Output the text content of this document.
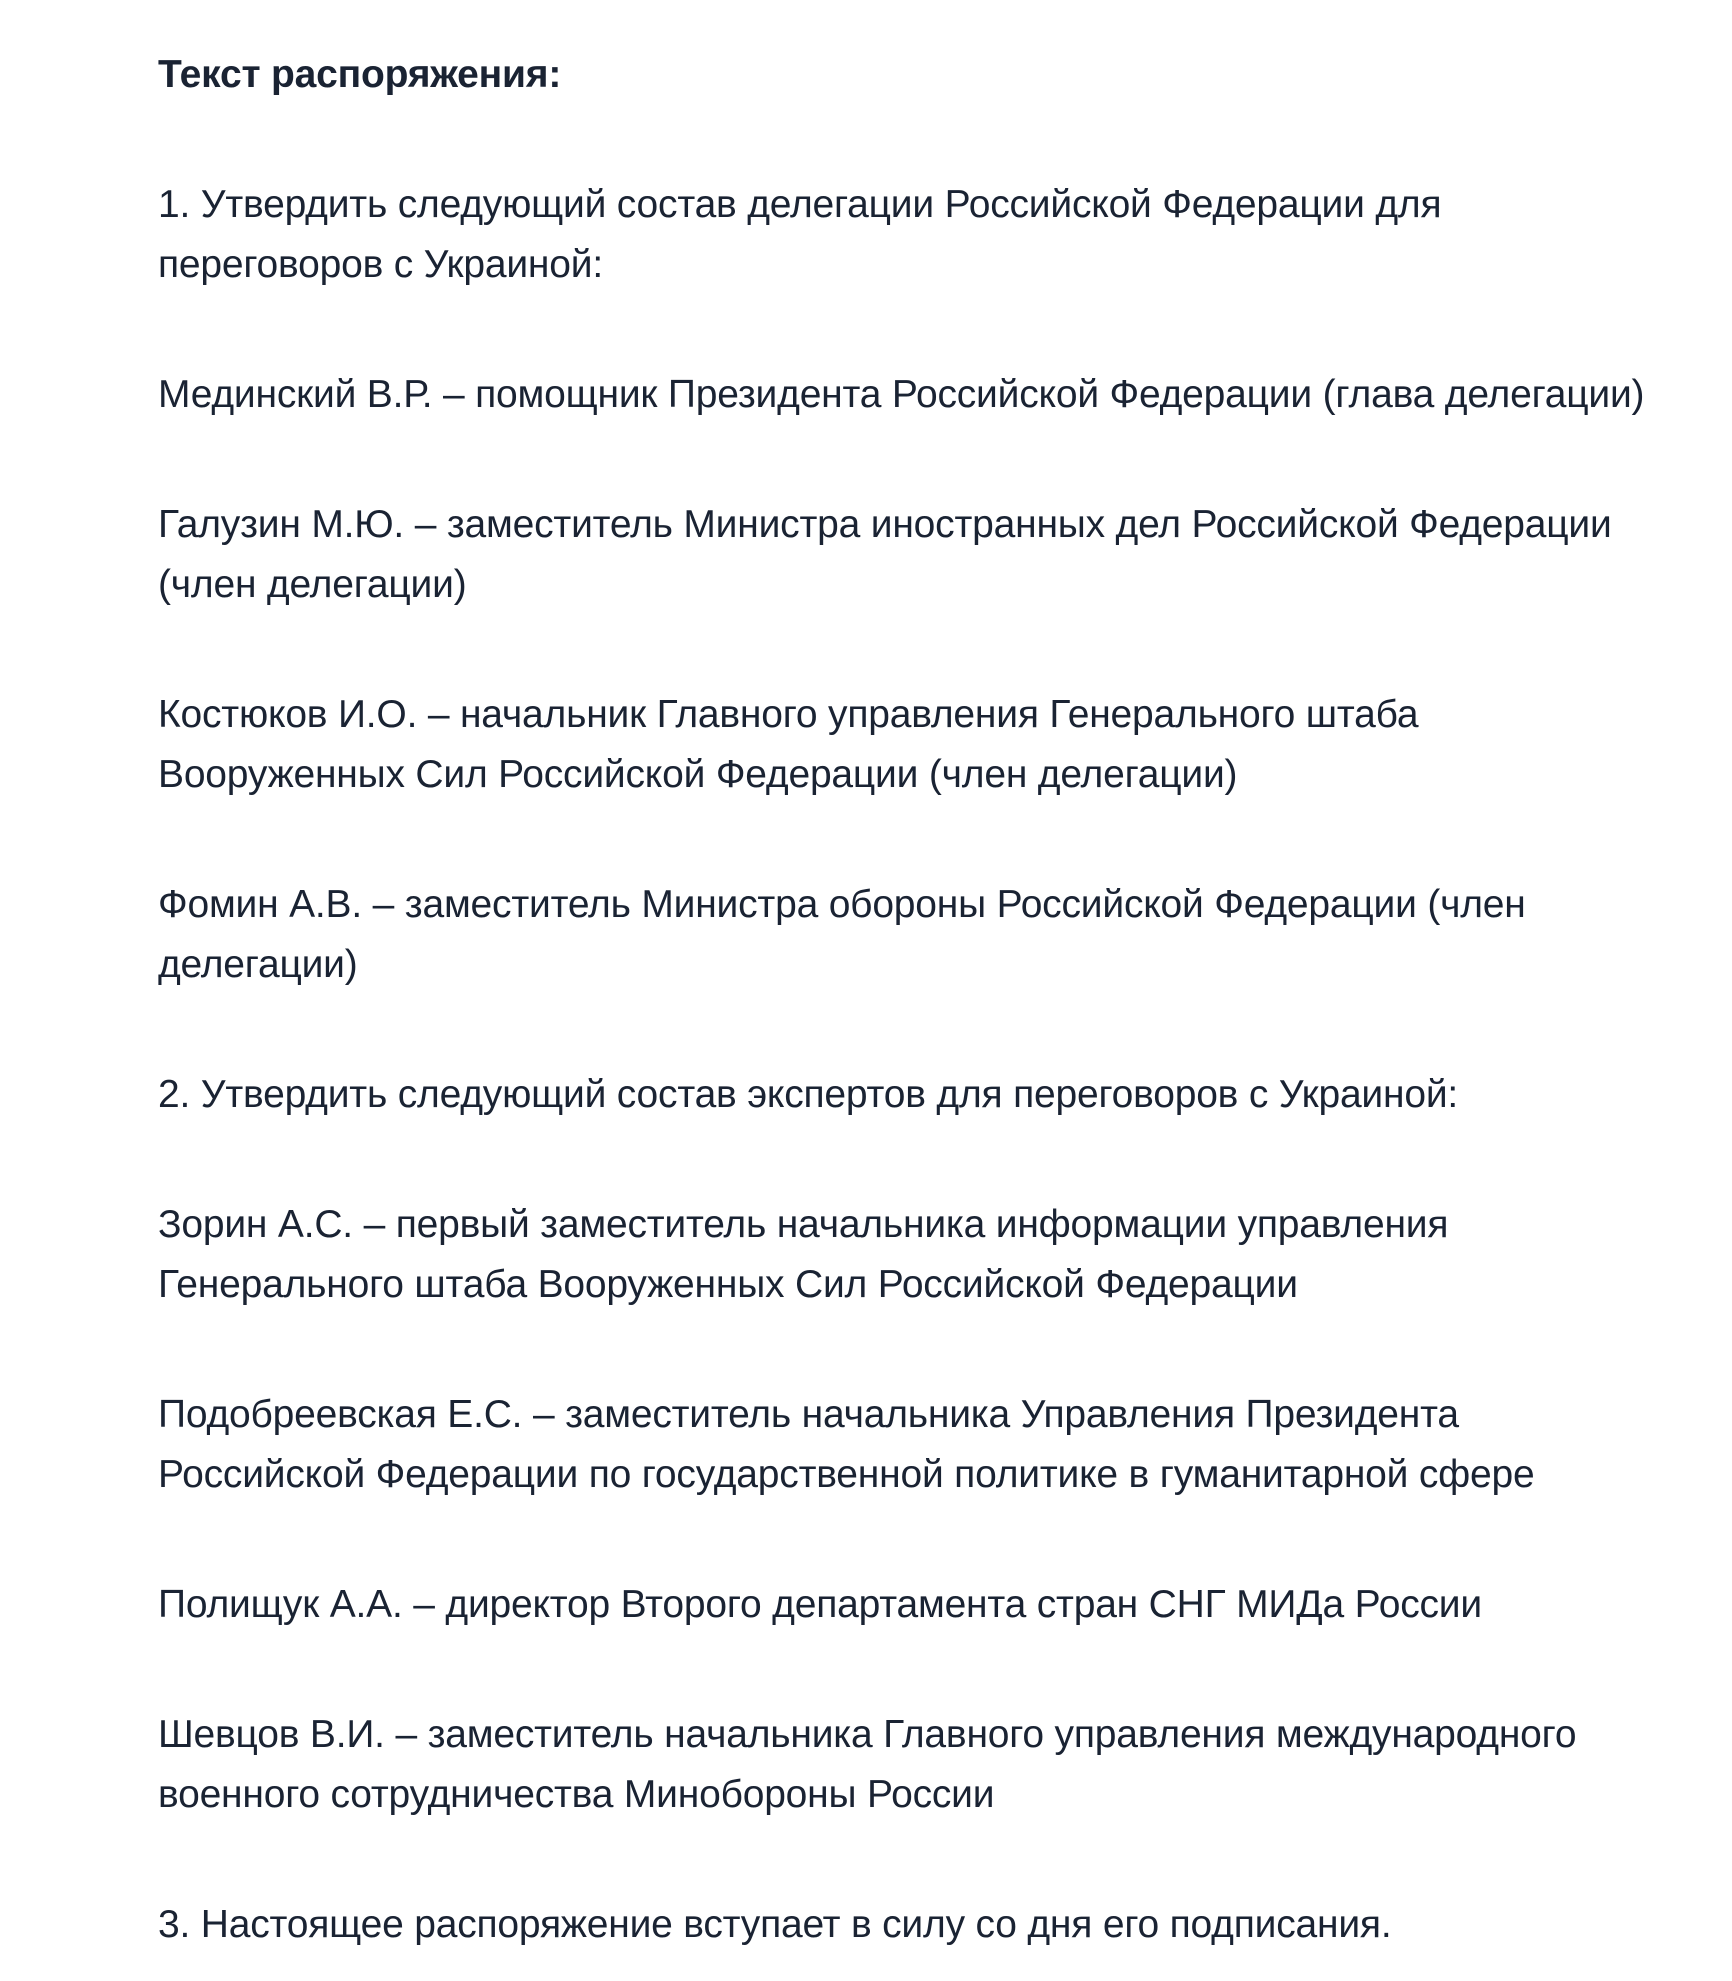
Текст распоряжения:
1. Утвердить следующий состав делегации Российской Федерации для
переговоров с Украиной:
Мединский В.Р. – помощник Президента Российской Федерации (глава делегации)
Галузин М.Ю. – заместитель Министра иностранных дел Российской Федерации
(член делегации)
Костюков И.О. – начальник Главного управления Генерального штаба
Вооруженных Сил Российской Федерации (член делегации)
Фомин А.В. – заместитель Министра обороны Российской Федерации (член
делегации)
2. Утвердить следующий состав экспертов для переговоров с Украиной:
Зорин А.С. – первый заместитель начальника информации управления
Генерального штаба Вооруженных Сил Российской Федерации
Подобреевская Е.С. – заместитель начальника Управления Президента
Российской Федерации по государственной политике в гуманитарной сфере
Полищук А.А. – директор Второго департамента стран СНГ МИДа России
Шевцов В.И. – заместитель начальника Главного управления международного
военного сотрудничества Минобороны России
3. Настоящее распоряжение вступает в силу со дня его подписания.
